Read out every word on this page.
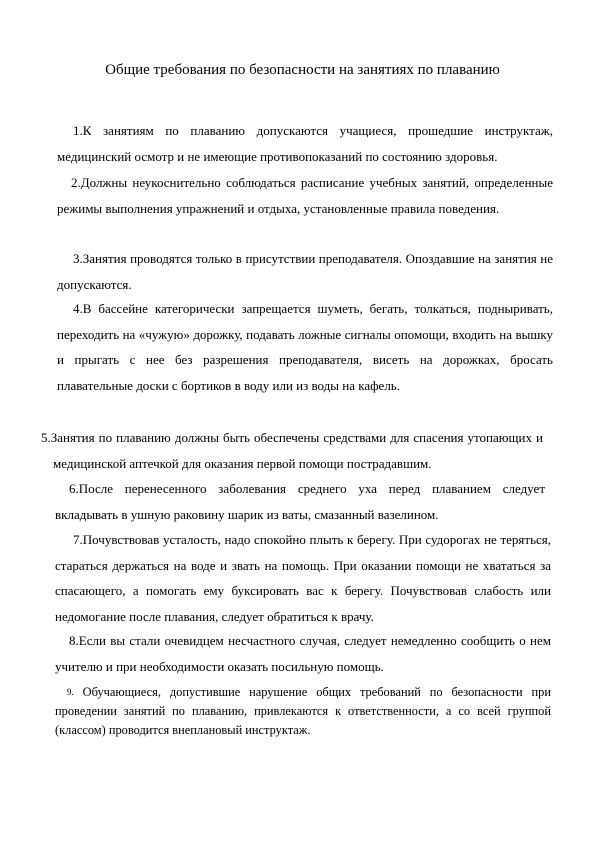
Общие требования по безопасности на занятиях по плаванию

1.К занятиям по плаванию допускаются учащиеся, прошедшие инструктаж, медицинский осмотр и не имеющие противопоказаний по состоянию здоровья.

2.Должны неукоснительно соблюдаться расписание учебных занятий, определенные режимы выполнения упражнений и отдыха, установленные правила поведения.

3.Занятия проводятся только в присутствии преподавателя. Опоздавшие на занятия не допускаются.

4.В бассейне категорически запрещается шуметь, бегать, толкаться, подныривать, переходить на «чужую» дорожку, подавать ложные сигналы опомощи, входить на вышку и прыгать с нее без разрешения преподавателя, висеть на дорожках, бросать плавательные доски с бортиков в воду или из воды на кафель.

5.Занятия по плаванию должны быть обеспечены средствами для спасения утопающих и медицинской аптечкой для оказания первой помощи пострадавшим.

6.После перенесенного заболевания среднего уха перед плаванием следует вкладывать в ушную раковину шарик из ваты, смазанный вазелином.

7.Почувствовав усталость, надо спокойно плыть к берегу. При судорогах не теряться, стараться держаться на воде и звать на помощь. При оказании помощи не хвататься за спасающего, а помогать ему буксировать вас к берегу. Почувствовав слабость или недомогание после плавания, следует обратиться к врачу.

8.Если вы стали очевидцем несчастного случая, следует немедленно сообщить о нем учителю и при необходимости оказать посильную помощь.

9. Обучающиеся, допустившие нарушение общих требований по безопасности при проведении занятий по плаванию, привлекаются к ответственности, а со всей группой (классом) проводится внеплановый инструктаж.
